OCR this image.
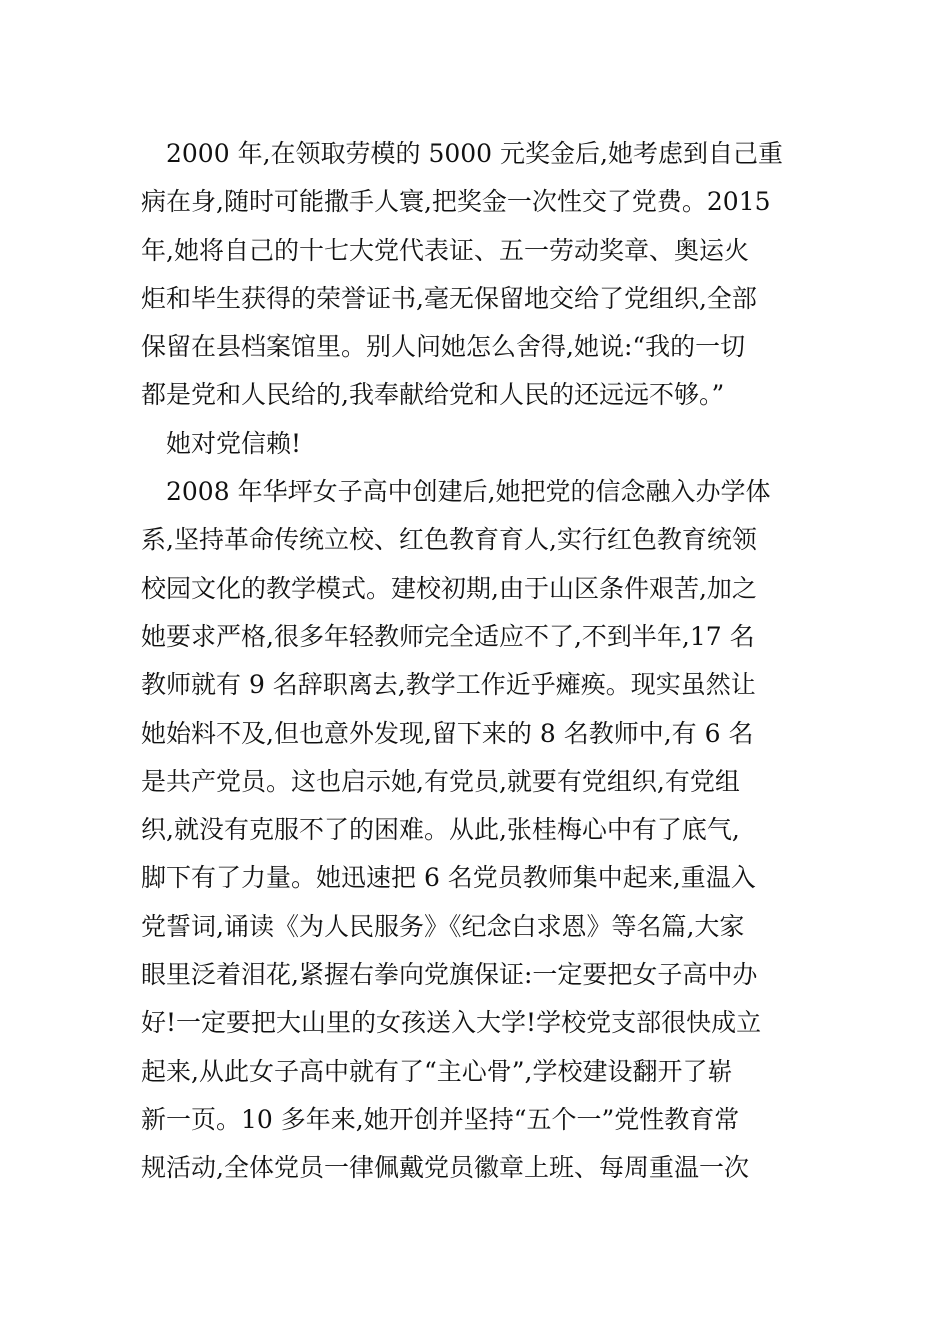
　2000 年,在领取劳模的 5000 元奖金后,她考虑到自己重
病在身,随时可能撒手人寰,把奖金一次性交了党费。2015
年,她将自己的十七大党代表证、五一劳动奖章、奥运火
炬和毕生获得的荣誉证书,毫无保留地交给了党组织,全部
保留在县档案馆里。别人问她怎么舍得,她说:“我的一切
都是党和人民给的,我奉献给党和人民的还远远不够。”
　她对党信赖!
　2008 年华坪女子高中创建后,她把党的信念融入办学体
系,坚持革命传统立校、红色教育育人,实行红色教育统领
校园文化的教学模式。建校初期,由于山区条件艰苦,加之
她要求严格,很多年轻教师完全适应不了,不到半年,17 名
教师就有 9 名辞职离去,教学工作近乎瘫痪。现实虽然让
她始料不及,但也意外发现,留下来的 8 名教师中,有 6 名
是共产党员。这也启示她,有党员,就要有党组织,有党组
织,就没有克服不了的困难。从此,张桂梅心中有了底气,
脚下有了力量。她迅速把 6 名党员教师集中起来,重温入
党誓词,诵读《为人民服务》《纪念白求恩》等名篇,大家
眼里泛着泪花,紧握右拳向党旗保证:一定要把女子高中办
好!一定要把大山里的女孩送入大学!学校党支部很快成立
起来,从此女子高中就有了“主心骨”,学校建设翻开了崭
新一页。10 多年来,她开创并坚持“五个一”党性教育常
规活动,全体党员一律佩戴党员徽章上班、每周重温一次
